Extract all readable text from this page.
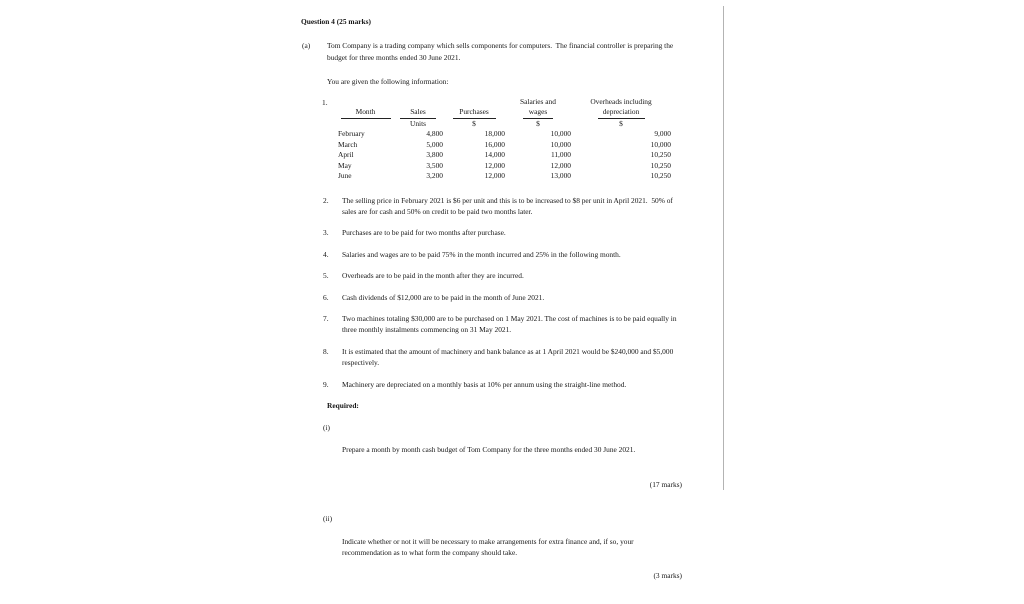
Question 4 (25 marks)
(a)	Tom Company is a trading company which sells components for computers.  The financial controller is preparing the budget for three months ended 30 June 2021.
You are given the following information:
1.
				Salaries and	Overheads including

Month	Sales	Purchases	wages	depreciation

	Units	$	$	$
February	4,800	18,000	10,000	9,000
March	5,000	16,000	10,000	10,000
April	3,800	14,000	11,000	10,250
May	3,500	12,000	12,000	10,250
June	3,200	12,000	13,000	10,250
2.	The selling price in February 2021 is $6 per unit and this is to be increased to $8 per unit in April 2021.  50% of sales are for cash and 50% on credit to be paid two months later.
3.	Purchases are to be paid for two months after purchase.
4.	Salaries and wages are to be paid 75% in the month incurred and 25% in the following month.
5.	Overheads are to be paid in the month after they are incurred.
6.	Cash dividends of $12,000 are to be paid in the month of June 2021.
7.	Two machines totaling $30,000 are to be purchased on 1 May 2021. The cost of machines is to be paid equally in three monthly instalments commencing on 31 May 2021.
8.	It is estimated that the amount of machinery and bank balance as at 1 April 2021 would be $240,000 and $5,000 respectively.
9.	Machinery are depreciated on a monthly basis at 10% per annum using the straight-line method.
Required:
(i)

Prepare a month by month cash budget of Tom Company for the three months ended 30 June 2021.

(17 marks)

(ii)

Indicate whether or not it will be necessary to make arrangements for extra finance and, if so, your recommendation as to what form the company should take.

(3 marks)
